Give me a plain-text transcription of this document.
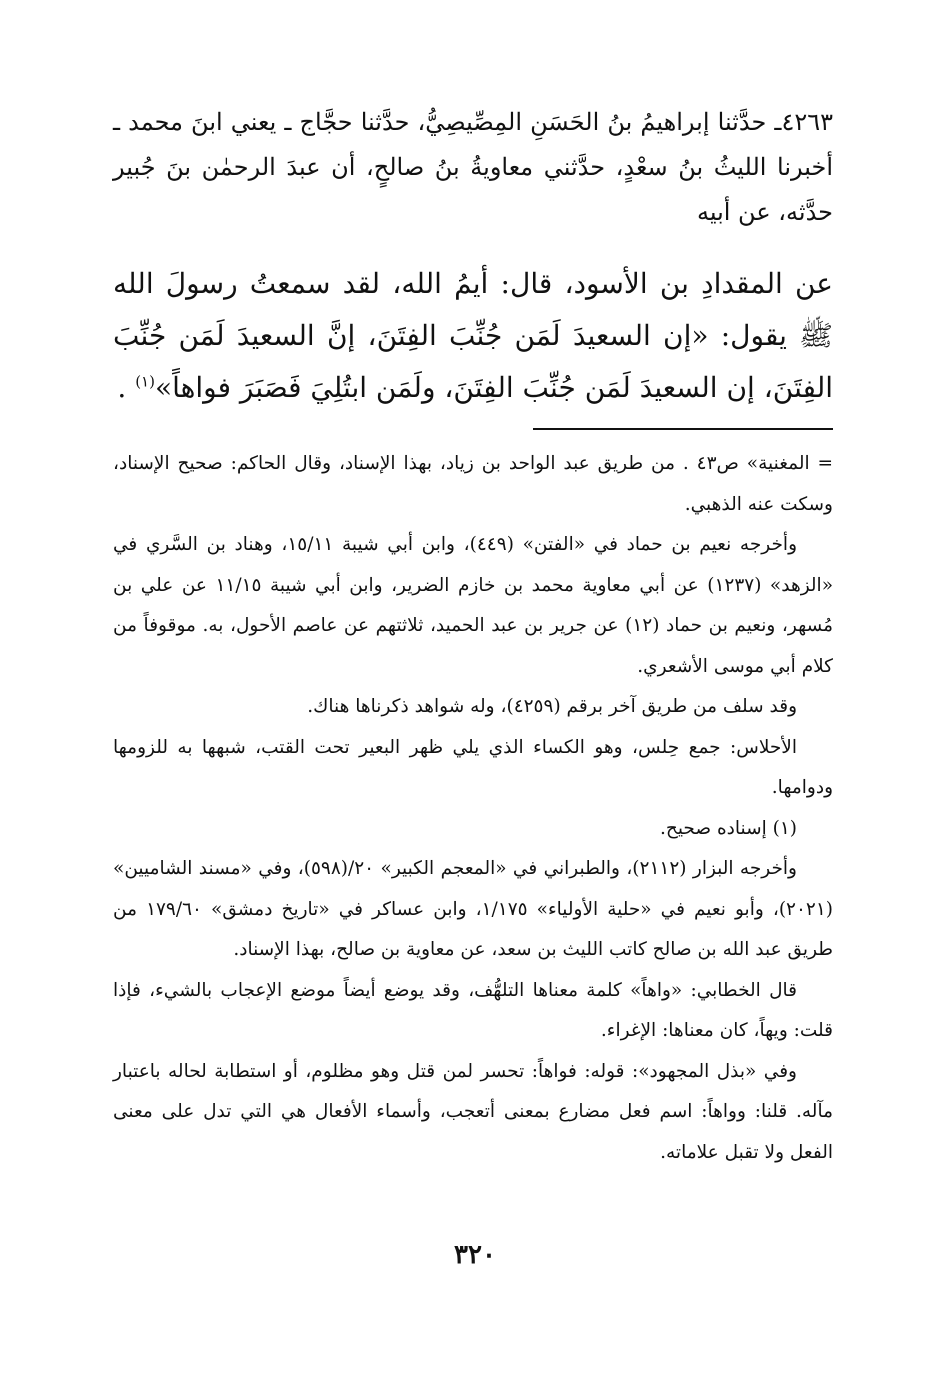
٤٢٦٣ـ حدَّثنا إبراهيمُ بنُ الحَسَنِ المِصِّيصِيُّ، حدَّثنا حجَّاج ـ يعني ابنَ محمد ـ أخبرنا الليثُ بنُ سعْدٍ، حدَّثني معاويةُ بنُ صالحٍ، أن عبدَ الرحمٰن بنَ جُبير حدَّثه، عن أبيه

عن المقدادِ بن الأسود، قال: أيمُ الله، لقد سمعتُ رسولَ الله ﷺ يقول: «إن السعيدَ لَمَن جُنِّبَ الفِتَنَ، إنَّ السعيدَ لَمَن جُنِّبَ الفِتَنَ، إن السعيدَ لَمَن جُنِّبَ الفِتَنَ، ولَمَن ابتُلِيَ فَصَبَرَ فواهاً»$^{(١)}$ .

= المغنية» ص٤٣ . من طريق عبد الواحد بن زياد، بهذا الإسناد، وقال الحاكم: صحيح الإسناد، وسكت عنه الذهبي.

وأخرجه نعيم بن حماد في «الفتن» (٤٤٩)، وابن أبي شيبة ١٥/١١، وهناد بن السَّري في «الزهد» (١٢٣٧) عن أبي معاوية محمد بن خازم الضرير، وابن أبي شيبة ١١/١٥ عن علي بن مُسهر، ونعيم بن حماد (١٢) عن جرير بن عبد الحميد، ثلاثتهم عن عاصم الأحول، به. موقوفاً من كلام أبي موسى الأشعري.

وقد سلف من طريق آخر برقم (٤٢٥٩)، وله شواهد ذكرناها هناك.

الأحلاس: جمع حِلس، وهو الكساء الذي يلي ظهر البعير تحت القتب، شبهها به للزومها ودوامها.

(١) إسناده صحيح.

وأخرجه البزار (٢١١٢)، والطبراني في «المعجم الكبير» ٢٠/(٥٩٨)، وفي «مسند الشاميين» (٢٠٢١)، وأبو نعيم في «حلية الأولياء» ١/١٧٥، وابن عساكر في «تاريخ دمشق» ١٧٩/٦٠ من طريق عبد الله بن صالح كاتب الليث بن سعد، عن معاوية بن صالح، بهذا الإسناد.

قال الخطابي: «واهاً» كلمة معناها التلهُّف، وقد يوضع أيضاً موضع الإعجاب بالشيء، فإذا قلت: ويهاً، كان معناها: الإغراء.

وفي «بذل المجهود»: قوله: فواهاً: تحسر لمن قتل وهو مظلوم، أو استطابة لحاله باعتبار مآله. قلنا: وواهاً: اسم فعل مضارع بمعنى أتعجب، وأسماء الأفعال هي التي تدل على معنى الفعل ولا تقبل علاماته.

٣٢٠
